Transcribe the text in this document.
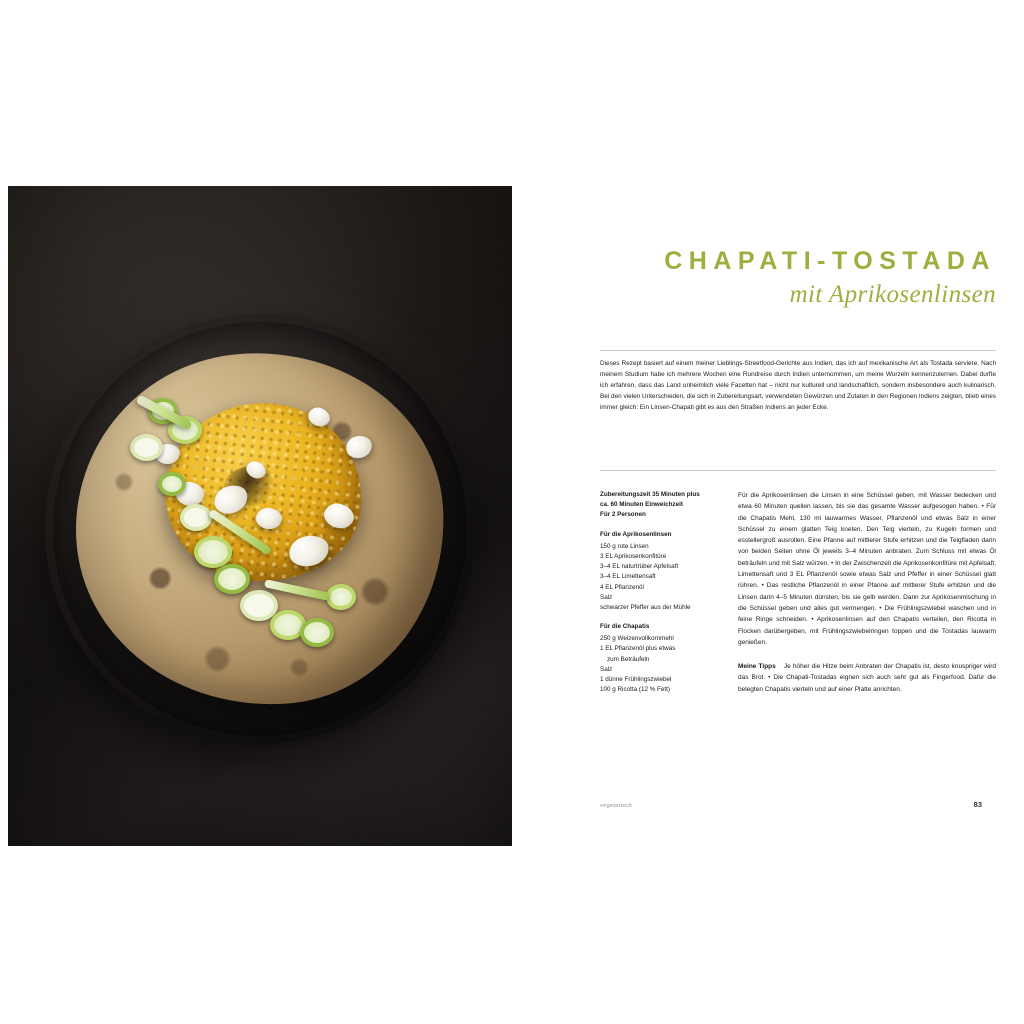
CHAPATI-TOSTADA
mit Aprikosenlinsen
Dieses Rezept basiert auf einem meiner Lieblings-Streetfood-Gerichte aus Indien, das ich auf mexikanische Art als Tostada serviere. Nach meinem Studium habe ich mehrere Wochen eine Rundreise durch Indien unternommen, um meine Wurzeln kennenzulernen. Dabei durfte ich erfahren, dass das Land unheimlich viele Facetten hat – nicht nur kulturell und landschaftlich, sondern insbesondere auch kulinarisch. Bei den vielen Unterschieden, die sich in Zubereitungsart, verwendeten Gewürzen und Zutaten in den Regionen Indiens zeigten, blieb eines immer gleich: Ein Linsen-Chapati gibt es aus den Straßen Indiens an jeder Ecke.
Zubereitungszeit 35 Minuten plus
ca. 60 Minuten Einweichzeit
Für 2 Personen
Für die Aprikosenlinsen
150 g rote Linsen
3 EL Aprikosenkonfitüre
3–4 EL naturtrüber Apfelsaft
3–4 EL Limettensaft
4 EL Pflanzenöl
Salz
schwarzer Pfeffer aus der Mühle
Für die Chapatis
250 g Weizenvollkornmehl
1 EL Pflanzenöl plus etwas
zum Beträufeln
Salz
1 dünne Frühlingszwiebel
100 g Ricotta (12 % Fett)

Für die Aprikosenlinsen die Linsen in eine Schüssel geben, mit Wasser bedecken und etwa 60 Minuten quellen lassen, bis sie das gesamte Wasser aufgesogen haben. • Für die Chapatis Mehl, 130 ml lauwarmes Wasser, Pflanzenöl und etwas Salz in einer Schüssel zu einem glatten Teig kneten. Den Teig vierteln, zu Kugeln formen und esstellergroß ausrollen. Eine Pfanne auf mittlerer Stufe erhitzen und die Teigfladen darin von beiden Seiten ohne Öl jeweils 3–4 Minuten anbraten. Zum Schluss mit etwas Öl beträufeln und mit Salz würzen. • In der Zwischenzeit die Aprikosenkonfitüre mit Apfelsaft, Limettensaft und 3 EL Pflanzenöl sowie etwas Salz und Pfeffer in einer Schüssel glatt rühren. • Das restliche Pflanzenöl in einer Pfanne auf mittlerer Stufe erhitzen und die Linsen darin 4–5 Minuten dünsten, bis sie gelb werden. Dann zur Aprikosenmischung in die Schüssel geben und alles gut vermengen. • Die Frühlingszwiebel waschen und in feine Ringe schneiden. • Aprikosenlinsen auf den Chapatis verteilen, den Ricotta in Flocken darübergeben, mit Frühlingszwiebelringen toppen und die Tostadas lauwarm genießen.

Meine Tipps Je höher die Hitze beim Anbraten der Chapatis ist, desto knuspriger wird das Brot. • Die Chapati-Tostadas eignen sich auch sehr gut als Fingerfood. Dafür die belegten Chapatis vierteln und auf einer Platte anrichten.

vegetarisch	83
